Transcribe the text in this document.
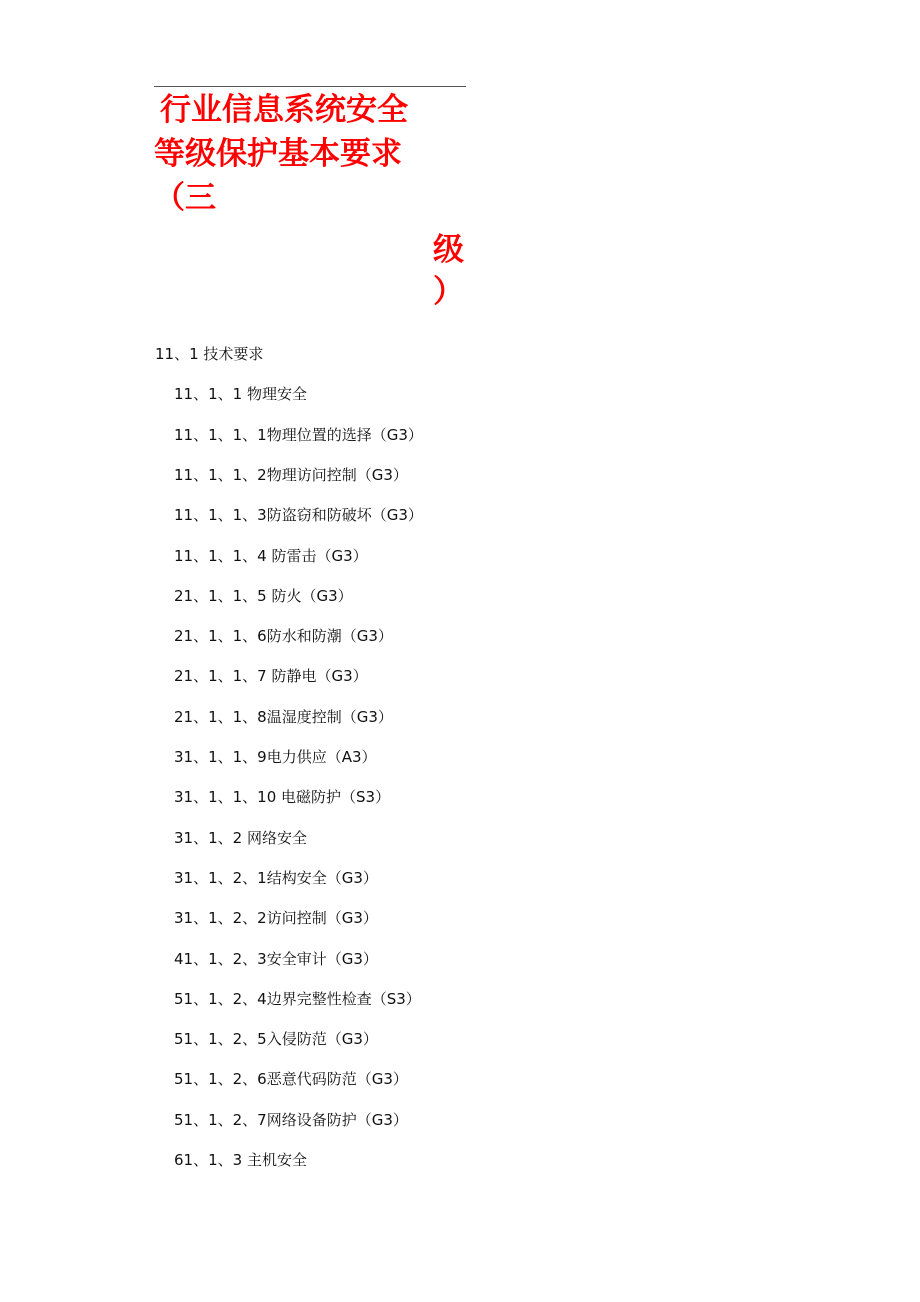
行业信息系统安全
等级保护基本要求
（三
级
）
11、1 技术要求
11、1、1 物理安全
11、1、1、1物理位置的选择（G3）
11、1、1、2物理访问控制（G3）
11、1、1、3防盗窃和防破坏（G3）
11、1、1、4 防雷击（G3）
21、1、1、5 防火（G3）
21、1、1、6防水和防潮（G3）
21、1、1、7 防静电（G3）
21、1、1、8温湿度控制（G3）
31、1、1、9电力供应（A3）
31、1、1、10 电磁防护（S3）
31、1、2 网络安全
31、1、2、1结构安全（G3）
31、1、2、2访问控制（G3）
41、1、2、3安全审计（G3）
51、1、2、4边界完整性检查（S3）
51、1、2、5入侵防范（G3）
51、1、2、6恶意代码防范（G3）
51、1、2、7网络设备防护（G3）
61、1、3 主机安全
